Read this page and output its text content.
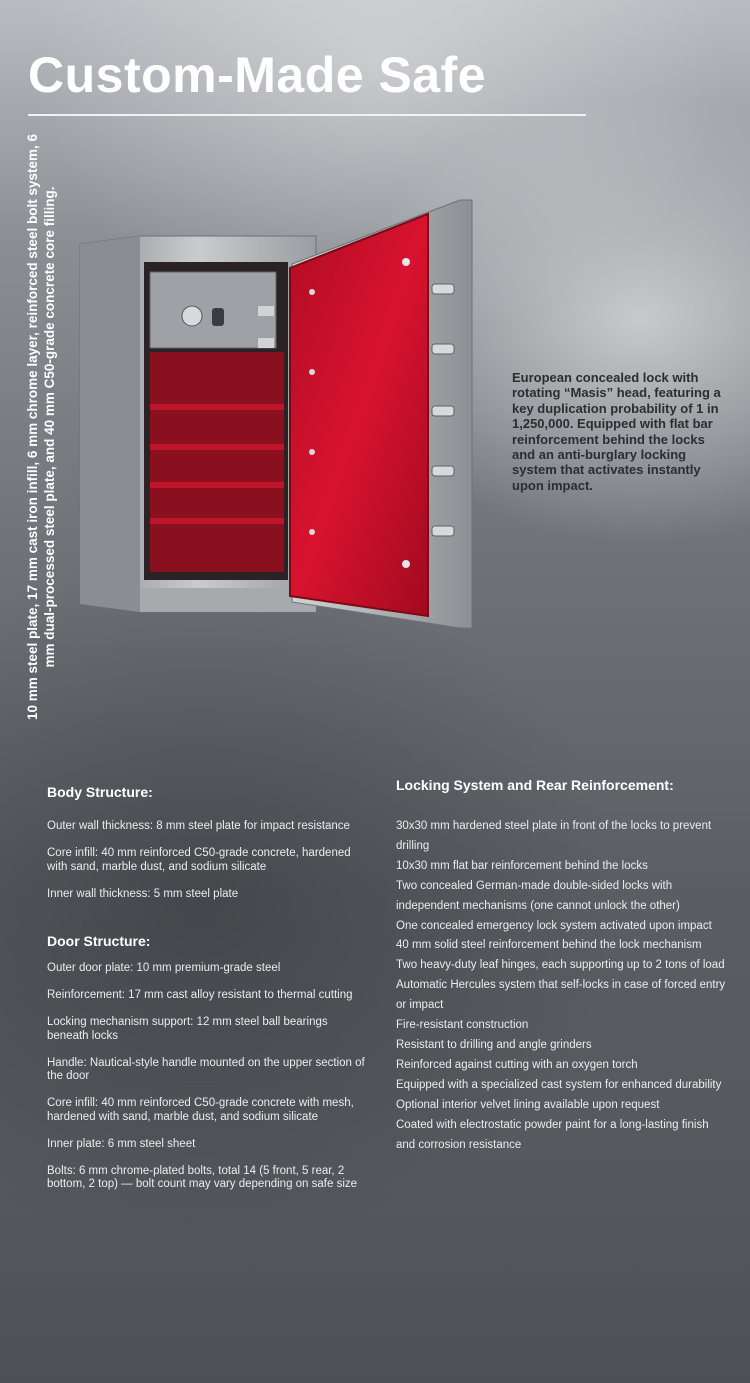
Custom-Made Safe
10 mm steel plate, 17 mm cast iron infill, 6 mm chrome layer, reinforced steel bolt system, 6 mm dual-processed steel plate, and 40 mm C50-grade concrete core filling.	European concealed lock with rotating “Masis” head, featuring a key duplication probability of 1 in 1,250,000. Equipped with flat bar reinforcement behind the locks and an anti-burglary locking system that activates instantly upon impact.

Body Structure:
Outer wall thickness: 8 mm steel plate for impact resistance
Core infill: 40 mm reinforced C50-grade concrete, hardened with sand, marble dust, and sodium silicate
Inner wall thickness: 5 mm steel plate
Door Structure:
Outer door plate: 10 mm premium-grade steel
Reinforcement: 17 mm cast alloy resistant to thermal cutting
Locking mechanism support: 12 mm steel ball bearings beneath locks
Handle: Nautical-style handle mounted on the upper section of the door
Core infill: 40 mm reinforced C50-grade concrete with mesh, hardened with sand, marble dust, and sodium silicate
Inner plate: 6 mm steel sheet
Bolts: 6 mm chrome-plated bolts, total 14 (5 front, 5 rear, 2 bottom, 2 top) — bolt count may vary depending on safe size
Locking System and Rear Reinforcement:
30x30 mm hardened steel plate in front of the locks to prevent drilling
10x30 mm flat bar reinforcement behind the locks
Two concealed German-made double-sided locks with independent mechanisms (one cannot unlock the other)
One concealed emergency lock system activated upon impact
40 mm solid steel reinforcement behind the lock mechanism
Two heavy-duty leaf hinges, each supporting up to 2 tons of load
Automatic Hercules system that self-locks in case of forced entry or impact
Fire-resistant construction
Resistant to drilling and angle grinders
Reinforced against cutting with an oxygen torch
Equipped with a specialized cast system for enhanced durability
Optional interior velvet lining available upon request
Coated with electrostatic powder paint for a long-lasting finish and corrosion resistance
